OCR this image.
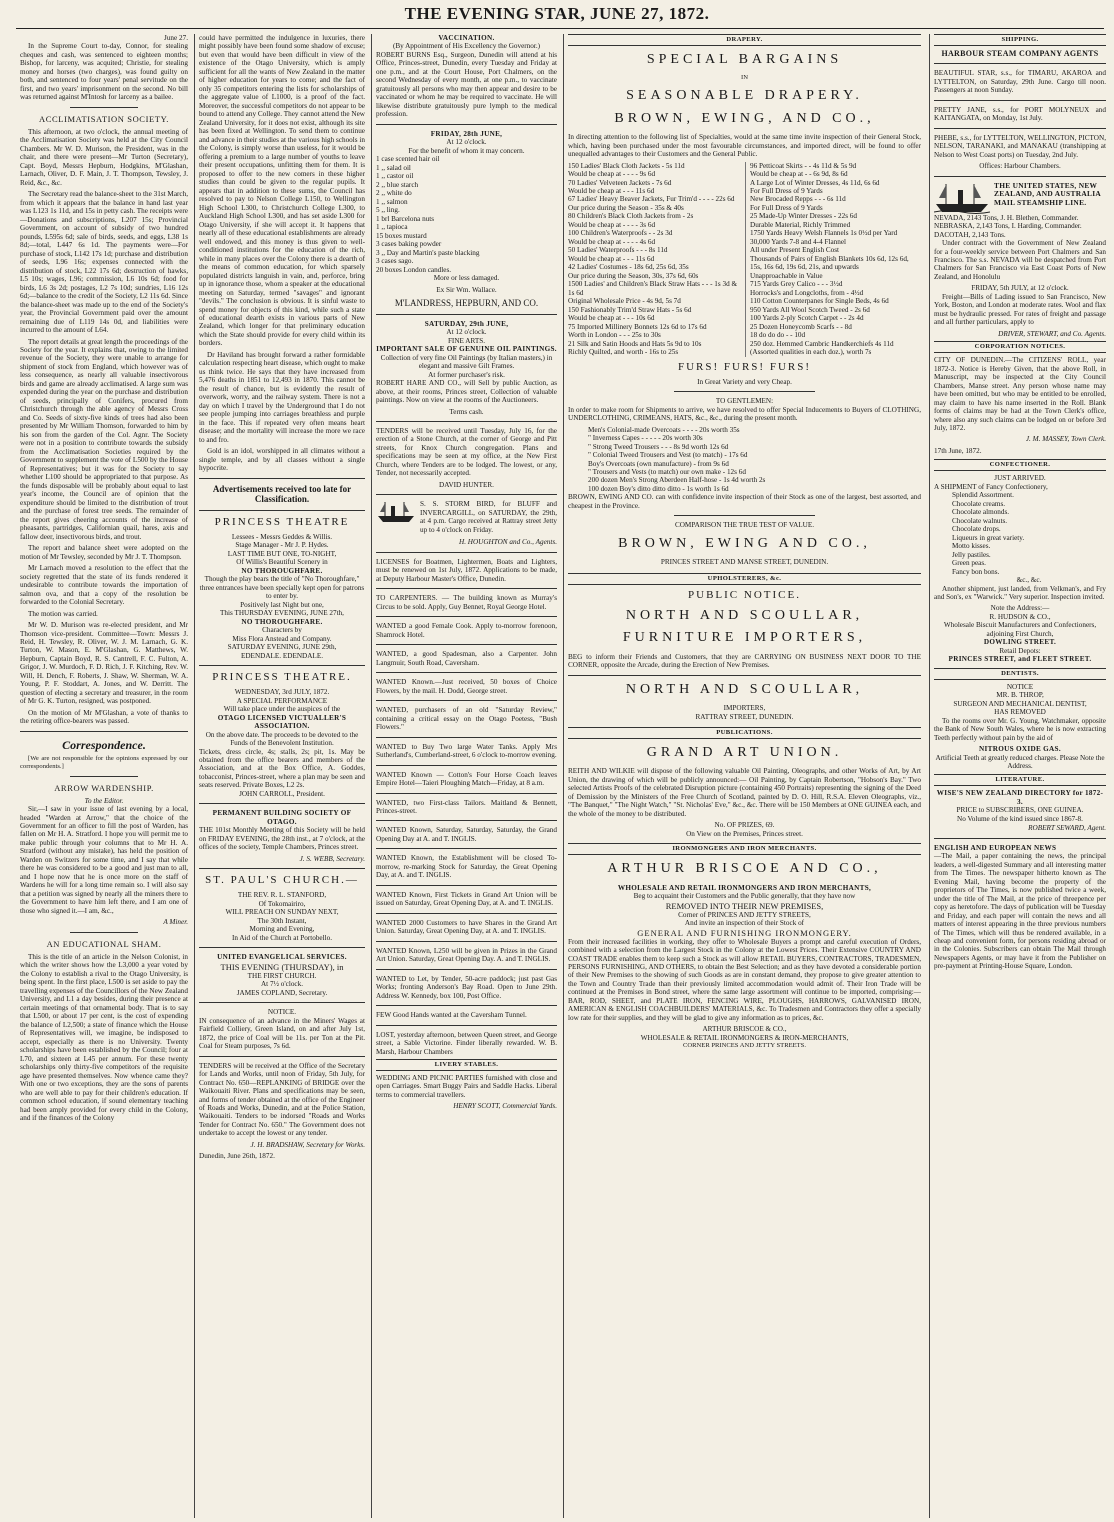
THE EVENING STAR, JUNE 27, 1872.
June 27.

In the Supreme Court to-day, Connor, for stealing cheques and cash, was sentenced to eighteen months; Bishop, for larceny, was acquited; Christie, for stealing money and horses (two charges), was found guilty on both, and sentenced to four years' penal servitude on the first, and two years' imprisonment on the second. No bill was returned against M'Intosh for larceny as a bailee.

ACCLIMATISATION SOCIETY.

This afternoon, at two o'clock, the annual meeting of the Acclimatisation Society was held at the City Council Chambers. Mr W. D. Murison, the President, was in the chair, and there were present—Mr Turton (Secretary), Capt. Boyd, Messrs Hepburn, Hodgkins, M'Glashan, Larnach, Oliver, D. F. Main, J. T. Thompson, Tewsley, J. Reid, &c., &c.

The Secretary read the balance-sheet to the 31st March, from which it appears that the balance in hand last year was L123 1s 11d, and 15s in petty cash. The receipts were—Donations and subscriptions, L207 15s; Provincial Government, on account of subsidy of two hundred pounds, L595s 6d; sale of birds, seeds, and eggs, L38 1s 8d;—total, L447 6s 1d. The payments were—For purchase of stock, L142 17s 1d; purchase and distribution of seeds, L96 16s; expenses connected with the distribution of stock, L22 17s 6d; destruction of hawks, L5 10s; wages, L96; commission, L6 10s 6d; food for birds, L6 3s 2d; postages, L2 7s 10d; sundries, L16 12s 6d;—balance to the credit of the Society, L2 11s 6d. Since the balance-sheet was made up to the end of the Society's year, the Provincial Government paid over the amount remaining due of L119 14s 0d, and liabilities were incurred to the amount of L64.

The report details at great length the proceedings of the Society for the year. It explains that, owing to the limited revenue of the Society, they were unable to arrange for shipment of stock from England, which however was of less consequence, as nearly all valuable insectivorous birds and game are already acclimatised. A large sum was expended during the year on the purchase and distribution of seeds, principally of Conifers, procured from Christchurch through the able agency of Messrs Cross and Co. Seeds of sixty-five kinds of trees had also been presented by Mr William Thomson, forwarded to him by his son from the garden of the Col. Agnr. The Society were not in a position to contribute towards the subsidy from the Acclimatisation Societies required by the Government to supplement the vote of L500 by the House of Representatives; but it was for the Society to say whether L100 should be appropriated to that purpose. As the funds disposable will be probably about equal to last year's income, the Council are of opinion that the expenditure should be limited to the distribution of trout and the purchase of forest tree seeds. The remainder of the report gives cheering accounts of the increase of pheasants, partridges, Californian quail, hares, axis and fallow deer, insectivorous birds, and trout.

The report and balance sheet were adopted on the motion of Mr Tewsley, seconded by Mr J. T. Thompson.

Mr Larnach moved a resolution to the effect that the society regretted that the state of its funds rendered it undesirable to contribute towards the importation of salmon ova, and that a copy of the resolution be forwarded to the Colonial Secretary.

The motion was carried.

Mr W. D. Murison was re-elected president, and Mr Thomson vice-president. Committee—Town: Messrs J. Reid, H. Tewsley, R. Oliver, W. J. M. Larnach, G. K. Turton, W. Mason, E. M'Glashan, G. Matthews, W. Hepburn, Captain Boyd, R. S. Cantrell, F. C. Fulton, A. Grigor, J. W. Murdoch, F. D. Rich, J. F. Kitching, Rev. W. Will, H. Dench, F. Roberts, J. Shaw, W. Sherman, W. A. Young, P. F. Stoddart, A. Jones, and W. Derritt. The question of electing a secretary and treasurer, in the room of Mr G. K. Turton, resigned, was postponed.

On the motion of Mr M'Glashan, a vote of thanks to the retiring office-bearers was passed.

Correspondence.

[We are not responsible for the opinions expressed by our correspondents.]

ARROW WARDENSHIP.
To the Editor.

Sir,—I saw in your issue of last evening by a local, headed "Warden at Arrow," that the choice of the Government for an officer to fill the post of Warden, has fallen on Mr H. A. Stratford. I hope you will permit me to make public through your columns that to Mr H. A. Stratford (without any mistake), has held the position of Warden on Switzers for some time, and I say that while there he was considered to be a good and just man to all, and I hope now that he is once more on the staff of Wardens he will for a long time remain so. I will also say that a petition was signed by nearly all the miners there to the Government to have him left there, and I am one of those who signed it.—I am, &c.,

A Miner.
AN EDUCATIONAL SHAM.

This is the title of an article in the Nelson Colonist, in which the writer shows how the L3,000 a year voted by the Colony to establish a rival to the Otago University, is being spent. In the first place, L500 is set aside to pay the travelling expenses of the Councillors of the New Zealand University, and L1 a day besides, during their presence at certain meetings of that ornamental body. That is to say that L500, or about 17 per cent, is the cost of expending the balance of L2,500; a state of finance which the House of Representatives will, we imagine, be indisposed to accept, especially as there is no University. Twenty scholarships have been established by the Council; four at L70, and sixteen at L45 per annum. For these twenty scholarships only thirty-five competitors of the requisite age have presented themselves. Now whence came they? With one or two exceptions, they are the sons of parents who are well able to pay for their children's education. If common school education, if sound elementary teaching had been amply provided for every child in the Colony, and if the finances of the Colony

could have permitted the indulgence in luxuries, there might possibly have been found some shadow of excuse; but even that would have been difficult in view of the existence of the Otago University, which is amply sufficient for all the wants of New Zealand in the matter of higher education for years to come; and the fact of only 35 competitors entering the lists for scholarships of the aggregate value of L1000, is a proof of the fact. Moreover, the successful competitors do not appear to be bound to attend any College. They cannot attend the New Zealand University, for it does not exist, although its site has been fixed at Wellington. To send them to continue and advance in their studies at the various high schools in the Colony, is simply worse than useless, for it would be offering a premium to a large number of youths to leave their present occupations, unfitting them for them. It is proposed to offer to the new comers in these higher studies than could be given to the regular pupils. It appears that in addition to these sums, the Council has resolved to pay to Nelson College L150, to Wellington High School L300, to Christchurch College L300, to Auckland High School L300, and has set aside L300 for Otago University, if she will accept it. It happens that nearly all of these educational establishments are already well endowed, and this money is thus given to well-conditioned institutions for the education of the rich, while in many places over the Colony there is a dearth of the means of common education, for which sparsely populated districts languish in vain, and, perforce, bring up in ignorance those, whom a speaker at the educational meeting on Saturday, termed "savages" and ignorant "devils." The conclusion is obvious. It is sinful waste to spend money for objects of this kind, while such a state of educational dearth exists in various parts of New Zealand, which longer for that preliminary education which the State should provide for every child within its borders.

Dr Haviland has brought forward a rather formidable calculation respecting heart disease, which ought to make us think twice. He says that they have increased from 5,476 deaths in 1851 to 12,493 in 1870. This cannot be the result of chance, but is evidently the result of overwork, worry, and the railway system. There is not a day on which I travel by the Underground that I do not see people jumping into carriages breathless and purple in the face. This if repeated very often means heart disease; and the mortality will increase the more we race to and fro.

Gold is an idol, worshipped in all climates without a single temple, and by all classes without a single hypocrite.

Advertisements received too late for Classification.
PRINCESS THEATRE
Lessees - Messrs Geddes & Willis.
Stage Manager - Mr J. P. Hydes.
LAST TIME BUT ONE, TO-NIGHT,
Of Willis's Beautiful Scenery in
NO THOROUGHFARE.
Though the play bears the title of "No Thoroughfare," three entrances have been specially kept open for patrons to enter by.
Positively last Night but one,
This THURSDAY EVENING, JUNE 27th,
NO THOROUGHFARE.
Characters by
Miss Flora Anstead and Company.
SATURDAY EVENING, JUNE 29th,
EDENDALE. EDENDALE.
PRINCESS THEATRE.
WEDNESDAY, 3rd JULY, 1872.
A SPECIAL PERFORMANCE
Will take place under the auspices of the
OTAGO LICENSED VICTUALLER'S ASSOCIATION.
On the above date. The proceeds to be devoted to the Funds of the Benevolent Institution.
Tickets, dress circle, 4s; stalls, 2s; pit, 1s. May be obtained from the office bearers and members of the Association, and at the Box Office, A. Goddes, tobacconist, Princes-street, where a plan may be seen and seats reserved. Private Boxes, L2 2s.
JOHN CARROLL, President.
PERMANENT BUILDING SOCIETY OF OTAGO.

THE 101st Monthly Meeting of this Society will be held on FRIDAY EVENING, the 28th inst., at 7 o'clock, at the offices of the society, Temple Chambers, Princes street.

J. S. WEBB, Secretary.
ST. PAUL'S CHURCH.—
THE REV. R. L. STANFORD,
Of Tokomairiro,
WILL PREACH ON SUNDAY NEXT,
The 30th Instant,
Morning and Evening,
In Aid of the Church at Portobello.
UNITED EVANGELICAL SERVICES.
THIS EVENING (THURSDAY), in
THE FIRST CHURCH.
At 7½ o'clock.
JAMES COPLAND, Secretary.
NOTICE.

IN consequence of an advance in the Miners' Wages at Fairfield Colliery, Green Island, on and after July 1st, 1872, the price of Coal will be 11s. per Ton at the Pit. Coal for Steam purposes, 7s 6d.

TENDERS will be received at the Office of the Secretary for Lands and Works, until noon of Friday, 5th July, for Contract No. 650—REPLANKING of BRIDGE over the Waikouaiti River. Plans and specifications may be seen, and forms of tender obtained at the office of the Engineer of Roads and Works, Dunedin, and at the Police Station, Waikouaiti. Tenders to be indorsed "Roads and Works Tender for Contract No. 650." The Government does not undertake to accept the lowest or any tender.

J. H. BRADSHAW, Secretary for Works.
Dunedin, June 26th, 1872.
VACCINATION.
(By Appointment of His Excellency the Governor.)

ROBERT BURNS Esq., Surgeon, Dunedin will attend at his Office, Princes-street, Dunedin, every Tuesday and Friday at one p.m., and at the Court House, Port Chalmers, on the second Wednesday of every month, at one p.m., to vaccinate gratuitously all persons who may then appear and desire to be vaccinated or whom he may be required to vaccinate. He will likewise distribute gratuitously pure lymph to the medical profession.

FRIDAY, 28th JUNE,
At 12 o'clock.
For the benefit of whom it may concern.
1 case scented hair oil
1 ,, salad oil
1 ,, castor oil
2 ,, blue starch
2 ,, white do
1 ,, salmon
5 ,, ling.
1 brl Barcelona nuts
1 ,, tapioca
15 boxes mustard
3 cases baking powder
3 ,, Day and Martin's paste blacking
3 cases sago.
20 boxes London candles.
More or less damaged.
Ex Sir Wm. Wallace.
M'LANDRESS, HEPBURN, AND CO.
SATURDAY, 29th JUNE,
At 12 o'clock.
FINE ARTS.
IMPORTANT SALE OF GENUINE OIL PAINTINGS.
Collection of very fine Oil Paintings (by Italian masters,) in elegant and massive Gilt Frames.
At former purchaser's risk.

ROBERT HARE AND CO., will Sell by public Auction, as above, at their rooms, Princes street, Collection of valuable paintings. Now on view at the rooms of the Auctioneers.

Terms cash.

TENDERS will be received until Tuesday, July 16, for the erection of a Stone Church, at the corner of George and Pitt streets, for Knox Church congregation. Plans and specifications may be seen at my office, at the New First Church, where Tenders are to be lodged. The lowest, or any, Tender, not necessarily accepted.

DAVID HUNTER.

S. S. STORM BIRD, for BLUFF and INVERCARGILL, on SATURDAY, the 29th, at 4 p.m. Cargo received at Rattray street Jetty up to 4 o'clock on Friday.

H. HOUGHTON and Co., Agents.

LICENSES for Boatmen, Lightermen, Boats and Lighters, must be renewed on 1st July, 1872. Applications to be made, at Deputy Harbour Master's Office, Dunedin.

TO CARPENTERS. — The building known as Murray's Circus to be sold. Apply, Guy Bennet, Royal George Hotel.

WANTED a good Female Cook. Apply to-morrow forenoon, Shamrock Hotel.

WANTED, a good Spadesman, also a Carpenter. John Langmuir, South Road, Caversham.

WANTED Known.—Just received, 50 boxes of Choice Flowers, by the mail. H. Dodd, George street.

WANTED, purchasers of an old "Saturday Review," containing a critical essay on the Otago Poetess, "Bush Flowers."

WANTED to Buy Two large Water Tanks. Apply Mrs Sutherland's, Cumberland-street, 6 o'clock to-morrow evening.

WANTED Known — Cotton's Four Horse Coach leaves Empire Hotel—Taieri Ploughing Match—Friday, at 8 a.m.

WANTED, two First-class Tailors. Maitland & Bennett, Princes-street.

WANTED Known, Saturday, Saturday, Saturday, the Grand Opening Day at A. and T. INGLIS.

WANTED Known, the Establishment will be closed To-morrow, re-marking Stock for Saturday, the Great Opening Day, at A. and T. INGLIS.

WANTED Known, First Tickets in Grand Art Union will be issued on Saturday, Great Opening Day, at A. and T. INGLIS.

WANTED 2000 Customers to have Shares in the Grand Art Union. Saturday, Great Opening Day, at A. and T. INGLIS.

WANTED Known, L250 will be given in Prizes in the Grand Art Union. Saturday, Great Opening Day. A. and T. INGLIS.

WANTED to Let, by Tender, 50-acre paddock; just past Gas Works; fronting Anderson's Bay Road. Open to June 29th. Address W. Kennedy, box 100, Post Office.

FEW Good Hands wanted at the Caversham Tunnel.

LOST, yesterday afternoon, between Queen street, and George street, a Sable Victorine. Finder liberally rewarded. W. B. Marsh, Harbour Chambers

LIVERY STABLES.

WEDDING AND PICNIC PARTIES furnished with close and open Carriages. Smart Buggy Pairs and Saddle Hacks. Liberal terms to commercial travellers.

HENRY SCOTT, Commercial Yards.
DRAPERY.
SPECIAL BARGAINS
IN
SEASONABLE DRAPERY.
BROWN, EWING, AND CO.,

In directing attention to the following list of Specialties, would at the same time invite inspection of their General Stock, which, having been purchased under the most favourable circumstances, and imported direct, will be found to offer unequalled advantages to their Customers and the General Public.

150 Ladies' Black Cloth Jackets - 5s 11d
Would be cheap at - - - - 9s 6d
70 Ladies' Velveteen Jackets - 7s 6d
Would be cheap at - - - 11s 6d
67 Ladies' Heavy Beaver Jackets, Fur Trim'd - - - - 22s 6d
Our price during the Season - 35s & 40s
80 Children's Black Cloth Jackets from - 2s
Would be cheap at - - - - 3s 6d
100 Children's Waterproofs - - 2s 3d
Would be cheap at - - - - 4s 6d
50 Ladies' Waterproofs - - - 8s 11d
Would be cheap at - - - 11s 6d
42 Ladies' Costumes - 18s 6d, 25s 6d, 35s
Our price during the Season, 30s, 37s 6d, 60s
1500 Ladies' and Children's Black Straw Hats - - - 1s 3d & 1s 6d
Original Wholesale Price - 4s 9d, 5s 7d
150 Fashionably Trim'd Straw Hats - 5s 6d
Would be cheap at - - - 10s 6d
75 Imported Millinery Bonnets 12s 6d to 17s 6d
Worth in London - - - 25s to 30s
21 Silk and Satin Hoods and Hats 5s 9d to 10s
Richly Quilted, and worth - 16s to 25s
96 Petticoat Skirts - - 4s 11d & 5s 9d
Would be cheap at - - 6s 9d, 8s 6d
A Large Lot of Winter Dresses, 4s 11d, 6s 6d
For Full Dress of 9 Yards
New Brocaded Repps - - - 6s 11d
For Full Dress of 9 Yards
25 Made-Up Winter Dresses - 22s 6d
Durable Material, Richly Trimmed
1750 Yards Heavy Welsh Flannels 1s 0½d per Yard
30,000 Yards 7-8 and 4-4 Flannel
All under Present English Cost
Thousands of Pairs of English Blankets 10s 6d, 12s 6d, 15s, 16s 6d, 19s 6d, 21s, and upwards
Unapproachable in Value
715 Yards Grey Calico - - - 3½d
Horrocks's and Longcloths, from - 4½d
110 Cotton Counterpanes for Single Beds, 4s 6d
950 Yards All Wool Scotch Tweed - 2s 6d
100 Yards 2-ply Scotch Carpet - - 2s 4d
25 Dozen Honeycomb Scarfs - - 8d
18 do do do - - 10d
250 doz. Hemmed Cambric Handkerchiefs 4s 11d
(Assorted qualities in each doz.), worth 7s
FURS! FURS! FURS!
In Great Variety and very Cheap.
TO GENTLEMEN:

In order to make room for Shipments to arrive, we have resolved to offer Special Inducements to Buyers of CLOTHING, UNDERCLOTHING, CRIMEANS, HATS, &c., &c., during the present month.

Men's Colonial-made Overcoats - - - - 20s worth 35s
" Inverness Capes - - - - - 20s worth 30s
" Strong Tweed Trousers - - - 8s 9d worth 12s 6d
" Colonial Tweed Trousers and Vest (to match) - 17s 6d
Boy's Overcoats (own manufacture) - from 9s 6d
" Trousers and Vests (to match) our own make - 12s 6d
200 dozen Men's Strong Aberdeen Half-hose - 1s 4d worth 2s
100 dozen Boy's ditto ditto ditto - 1s worth 1s 6d

BROWN, EWING AND CO. can with confidence invite inspection of their Stock as one of the largest, best assorted, and cheapest in the Province.

COMPARISON THE TRUE TEST OF VALUE.
BROWN, EWING AND CO.,
PRINCES STREET AND MANSE STREET, DUNEDIN.
UPHOLSTERERS, &c.
PUBLIC NOTICE.
NORTH AND SCOULLAR,
FURNITURE IMPORTERS,

BEG to inform their Friends and Customers, that they are CARRYING ON BUSINESS NEXT DOOR TO THE CORNER, opposite the Arcade, during the Erection of New Premises.

NORTH AND SCOULLAR,
IMPORTERS,
RATTRAY STREET, DUNEDIN.
PUBLICATIONS.
GRAND ART UNION.

REITH AND WILKIE will dispose of the following valuable Oil Painting, Oleographs, and other Works of Art, by Art Union, the drawing of which will be publicly announced:— Oil Painting, by Captain Robertson, "Hobson's Bay." Two selected Artists Proofs of the celebrated Disruption picture (containing 450 Portraits) representing the signing of the Deed of Demission by the Ministers of the Free Church of Scotland, painted by D. O. Hill, R.S.A. Eleven Oleographs, viz., "The Banquet," "The Night Watch," "St. Nicholas' Eve," &c., &c. There will be 150 Members at ONE GUINEA each, and the whole of the money to be distributed.

No. OF PRIZES, 69.
On View on the Premises, Princes street.
IRONMONGERS AND IRON MERCHANTS.
ARTHUR BRISCOE AND CO.,
WHOLESALE AND RETAIL IRONMONGERS AND IRON MERCHANTS,
Beg to acquaint their Customers and the Public generally, that they have now
REMOVED INTO THEIR NEW PREMISES,
Corner of PRINCES AND JETTY STREETS,
And invite an inspection of their Stock of
GENERAL AND FURNISHING IRONMONGERY.

From their increased facilities in working, they offer to Wholesale Buyers a prompt and careful execution of Orders, combined with a selection from the Largest Stock in the Colony at the Lowest Prices. Their Extensive COUNTRY AND COAST TRADE enables them to keep such a Stock as will allow RETAIL BUYERS, CONTRACTORS, TRADESMEN, PERSONS FURNISHING, AND OTHERS, to obtain the Best Selection; and as they have devoted a considerable portion of their New Premises to the showing of such Goods as are in constant demand, they propose to give greater attention to the Town and Country Trade than their previously limited accommodation would admit of. Their Iron Trade will be continued at the Premises in Bond street, where the same large assortment will continue to be imported, comprising:— BAR, ROD, SHEET, and PLATE IRON, FENCING WIRE, PLOUGHS, HARROWS, GALVANISED IRON, AMERICAN & ENGLISH COACHBUILDERS' MATERIALS, &c. To Tradesmen and Contractors they offer a specially low rate for their supplies, and they will be glad to give any information as to prices, &c.

ARTHUR BRISCOE & CO.,
WHOLESALE & RETAIL IRONMONGERS & IRON-MERCHANTS,
CORNER PRINCES AND JETTY STREETS.
SHIPPING.
HARBOUR STEAM COMPANY AGENTS

BEAUTIFUL STAR, s.s., for TIMARU, AKAROA and LYTTELTON, on Saturday, 29th June. Cargo till noon. Passengers at noon Sunday.

PRETTY JANE, s.s., for PORT MOLYNEUX and KAITANGATA, on Monday, 1st July.

PHEBE, s.s., for LYTTELTON, WELLINGTON, PICTON, NELSON, TARANAKI, and MANAKAU (transhipping at Nelson to West Coast ports) on Tuesday, 2nd July.

Offices: Harbour Chambers.
THE UNITED STATES, NEW ZEALAND, AND AUSTRALIA MAIL STEAMSHIP LINE.
NEVADA, 2143 Tons, J. H. Blethen, Commander.
NEBRASKA, 2,143 Tons, I. Harding, Commander.
DACOTAH, 2,143 Tons.

Under contract with the Government of New Zealand for a four-weekly service between Port Chalmers and San Francisco. The s.s. NEVADA will be despatched from Port Chalmers for San Francisco via East Coast Ports of New Zealand, and Honolulu

FRIDAY, 5th JULY, at 12 o'clock.

Freight—Bills of Lading issued to San Francisco, New York, Boston, and London at moderate rates. Wool and flax must be hydraulic pressed. For rates of freight and passage and all further particulars, apply to

DRIVER, STEWART, and Co. Agents.
CORPORATION NOTICES.

CITY OF DUNEDIN.—The CITIZENS' ROLL, year 1872-3. Notice is Hereby Given, that the above Roll, in Manuscript, may be inspected at the City Council Chambers, Manse street. Any person whose name may have been omitted, but who may be entitled to be enrolled, may claim to have his name inserted in the Roll. Blank forms of claims may be had at the Town Clerk's office, where also any such claims can be lodged on or before 3rd July, 1872.

J. M. MASSEY, Town Clerk.
17th June, 1872.
CONFECTIONER.
JUST ARRIVED.
A SHIPMENT of Fancy Confectionery,
Splendid Assortment.
Chocolate creams.
Chocolate almonds.
Chocolate walnuts.
Chocolate drops.
Liqueurs in great variety.
Motto kisses.
Jelly pastiles.
Green peas.
Fancy bon bons.
&c., &c.

Another shipment, just landed, from Velkman's, and Fry and Son's, ex "Warwick." Very superior. Inspection invited.

Note the Address:—
R. HUDSON & CO.,
Wholesale Biscuit Manufacturers and Confectioners, adjoining First Church,
DOWLING STREET.
Retail Depots:
PRINCES STREET, and FLEET STREET.
DENTISTS.
NOTICE
MR. B. THROP,
SURGEON AND MECHANICAL DENTIST,
HAS REMOVED

To the rooms over Mr. G. Young, Watchmaker, opposite the Bank of New South Wales, where he is now extracting Teeth perfectly without pain by the aid of

NITROUS OXIDE GAS.
Artificial Teeth at greatly reduced charges. Please Note the Address.
LITERATURE.
WISE'S NEW ZEALAND DIRECTORY for 1872-3.
PRICE to SUBSCRIBERS, ONE GUINEA.
No Volume of the kind issued since 1867-8.
ROBERT SEWARD, Agent.
ENGLISH AND EUROPEAN NEWS

—The Mail, a paper containing the news, the principal leaders, a well-digested Summary and all interesting matter from The Times. The newspaper hitherto known as The Evening Mail, having become the property of the proprietors of The Times, is now published twice a week, under the title of The Mail, at the price of threepence per copy as heretofore. The days of publication will be Tuesday and Friday, and each paper will contain the news and all matters of interest appearing in the three previous numbers of The Times, which will thus be rendered available, in a cheap and convenient form, for persons residing abroad or in the Colonies. Subscribers can obtain The Mail through Newspapers Agents, or may have it from the Publisher on pre-payment at Printing-House Square, London.
